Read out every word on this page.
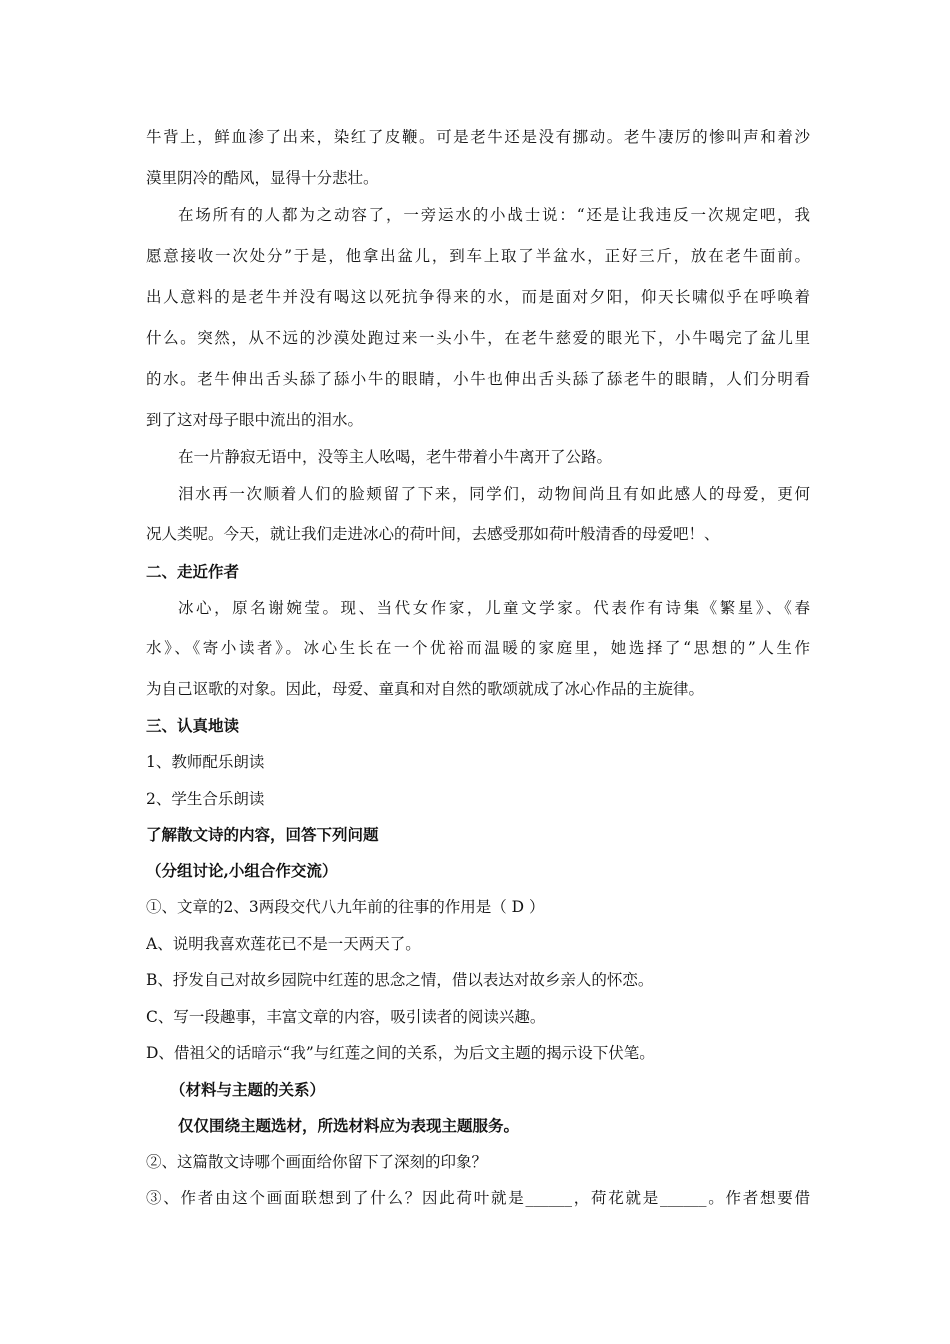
牛背上，鲜血渗了出来，染红了皮鞭。可是老牛还是没有挪动。老牛凄厉的惨叫声和着沙
漠里阴冷的酷风，显得十分悲壮。
在场所有的人都为之动容了，一旁运水的小战士说：“还是让我违反一次规定吧，我
愿意接收一次处分”于是，他拿出盆儿，到车上取了半盆水，正好三斤，放在老牛面前。
出人意料的是老牛并没有喝这以死抗争得来的水，而是面对夕阳，仰天长啸似乎在呼唤着
什么。突然，从不远的沙漠处跑过来一头小牛，在老牛慈爱的眼光下，小牛喝完了盆儿里
的水。老牛伸出舌头舔了舔小牛的眼睛，小牛也伸出舌头舔了舔老牛的眼睛，人们分明看
到了这对母子眼中流出的泪水。
在一片静寂无语中，没等主人吆喝，老牛带着小牛离开了公路。
泪水再一次顺着人们的脸颊留了下来，同学们，动物间尚且有如此感人的母爱，更何
况人类呢。今天，就让我们走进冰心的荷叶间，去感受那如荷叶般清香的母爱吧！、
二、走近作者
冰心，原名谢婉莹。现、当代女作家，儿童文学家。代表作有诗集《繁星》、《春
水》、《寄小读者》。冰心生长在一个优裕而温暖的家庭里，她选择了“思想的”人生作
为自己讴歌的对象。因此，母爱、童真和对自然的歌颂就成了冰心作品的主旋律。
三、认真地读
1、教师配乐朗读
2、学生合乐朗读
了解散文诗的内容，回答下列问题
（分组讨论,小组合作交流）
①、文章的2、3两段交代八九年前的往事的作用是（ D ）
A、说明我喜欢莲花已不是一天两天了。
B、抒发自己对故乡园院中红莲的思念之情，借以表达对故乡亲人的怀恋。
C、写一段趣事，丰富文章的内容，吸引读者的阅读兴趣。
D、借祖父的话暗示“我”与红莲之间的关系，为后文主题的揭示设下伏笔。
（材料与主题的关系）
仅仅围绕主题选材，所选材料应为表现主题服务。
②、这篇散文诗哪个画面给你留下了深刻的印象？
③、作者由这个画面联想到了什么？因此荷叶就是______，荷花就是______。作者想要借
